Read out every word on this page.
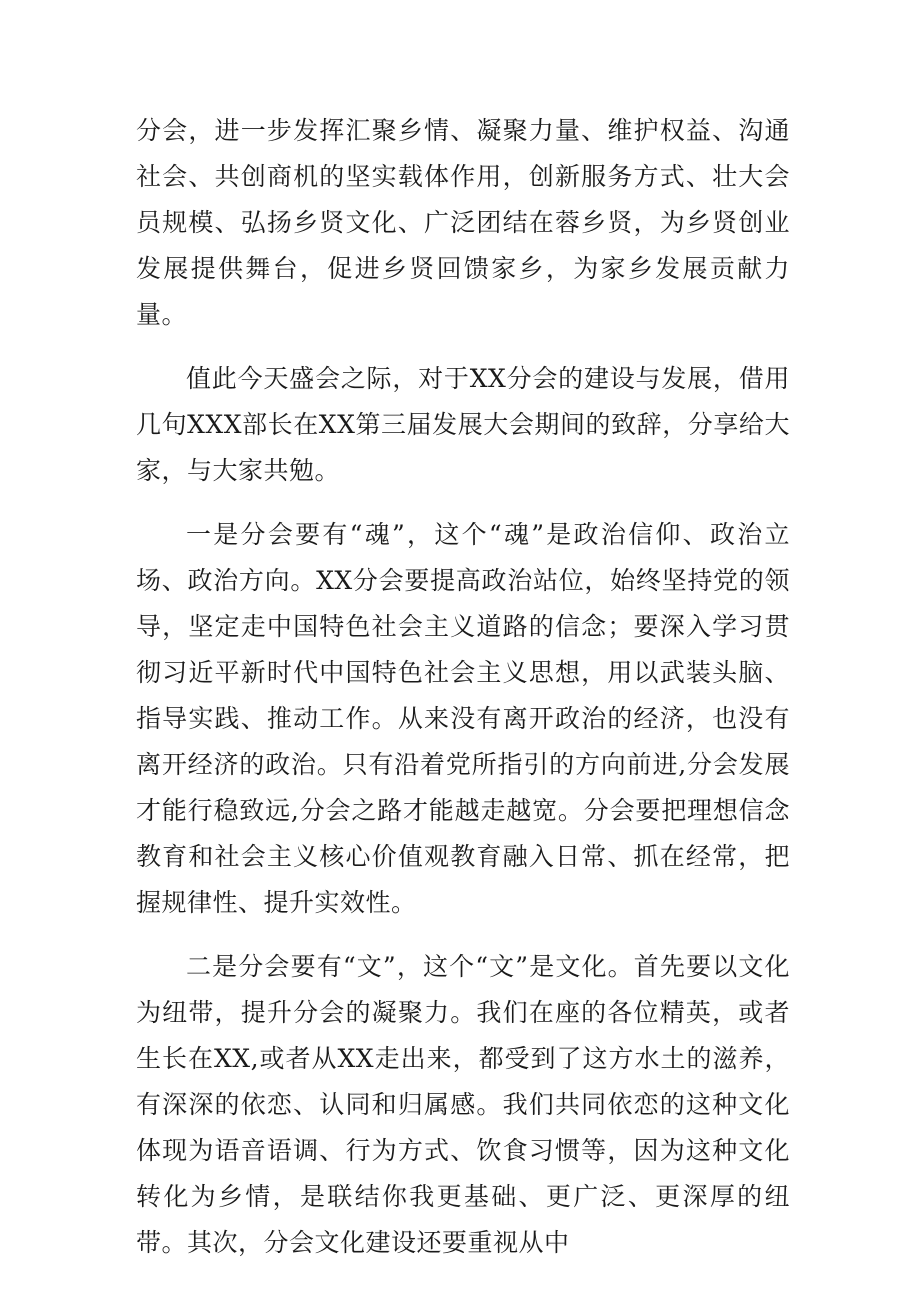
分会，进一步发挥汇聚乡情、凝聚力量、维护权益、沟通社会、共创商机的坚实载体作用，创新服务方式、壮大会员规模、弘扬乡贤文化、广泛团结在蓉乡贤，为乡贤创业发展提供舞台，促进乡贤回馈家乡，为家乡发展贡献力量。

值此今天盛会之际，对于XX分会的建设与发展，借用几句XXX部长在XX第三届发展大会期间的致辞，分享给大家，与大家共勉。

一是分会要有“魂”，这个“魂”是政治信仰、政治立场、政治方向。XX分会要提高政治站位，始终坚持党的领导，坚定走中国特色社会主义道路的信念；要深入学习贯彻习近平新时代中国特色社会主义思想，用以武装头脑、指导实践、推动工作。从来没有离开政治的经济，也没有离开经济的政治。只有沿着党所指引的方向前进,分会发展才能行稳致远,分会之路才能越走越宽。分会要把理想信念教育和社会主义核心价值观教育融入日常、抓在经常，把握规律性、提升实效性。

二是分会要有“文”，这个“文”是文化。首先要以文化为纽带，提升分会的凝聚力。我们在座的各位精英，或者生长在XX,或者从XX走出来，都受到了这方水土的滋养，有深深的依恋、认同和归属感。我们共同依恋的这种文化体现为语音语调、行为方式、饮食习惯等，因为这种文化转化为乡情，是联结你我更基础、更广泛、更深厚的纽带。其次，分会文化建设还要重视从中
